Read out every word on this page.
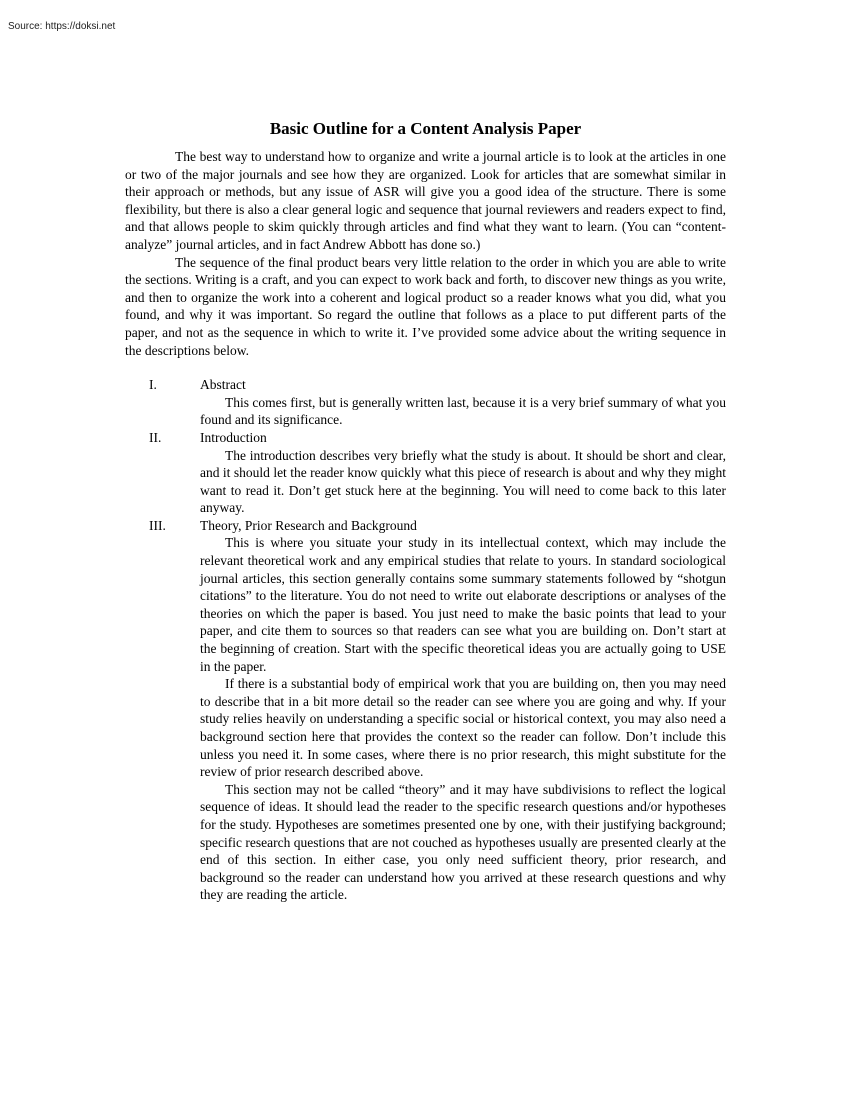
Source: https://doksi.net
Basic Outline for a Content Analysis Paper

The best way to understand how to organize and write a journal article is to look at the articles in one or two of the major journals and see how they are organized. Look for articles that are somewhat similar in their approach or methods, but any issue of ASR will give you a good idea of the structure. There is some flexibility, but there is also a clear general logic and sequence that journal reviewers and readers expect to find, and that allows people to skim quickly through articles and find what they want to learn. (You can “content-analyze” journal articles, and in fact Andrew Abbott has done so.)

The sequence of the final product bears very little relation to the order in which you are able to write the sections. Writing is a craft, and you can expect to work back and forth, to discover new things as you write, and then to organize the work into a coherent and logical product so a reader knows what you did, what you found, and why it was important. So regard the outline that follows as a place to put different parts of the paper, and not as the sequence in which to write it. I’ve provided some advice about the writing sequence in the descriptions below.

I.	Abstract

This comes first, but is generally written last, because it is a very brief summary of what you found and its significance.

II.	Introduction

The introduction describes very briefly what the study is about. It should be short and clear, and it should let the reader know quickly what this piece of research is about and why they might want to read it. Don’t get stuck here at the beginning. You will need to come back to this later anyway.

III.	Theory, Prior Research and Background

This is where you situate your study in its intellectual context, which may include the relevant theoretical work and any empirical studies that relate to yours. In standard sociological journal articles, this section generally contains some summary statements followed by “shotgun citations” to the literature. You do not need to write out elaborate descriptions or analyses of the theories on which the paper is based. You just need to make the basic points that lead to your paper, and cite them to sources so that readers can see what you are building on. Don’t start at the beginning of creation. Start with the specific theoretical ideas you are actually going to USE in the paper.

If there is a substantial body of empirical work that you are building on, then you may need to describe that in a bit more detail so the reader can see where you are going and why. If your study relies heavily on understanding a specific social or historical context, you may also need a background section here that provides the context so the reader can follow. Don’t include this unless you need it. In some cases, where there is no prior research, this might substitute for the review of prior research described above.

This section may not be called “theory” and it may have subdivisions to reflect the logical sequence of ideas. It should lead the reader to the specific research questions and/or hypotheses for the study. Hypotheses are sometimes presented one by one, with their justifying background; specific research questions that are not couched as hypotheses usually are presented clearly at the end of this section. In either case, you only need sufficient theory, prior research, and background so the reader can understand how you arrived at these research questions and why they are reading the article.
